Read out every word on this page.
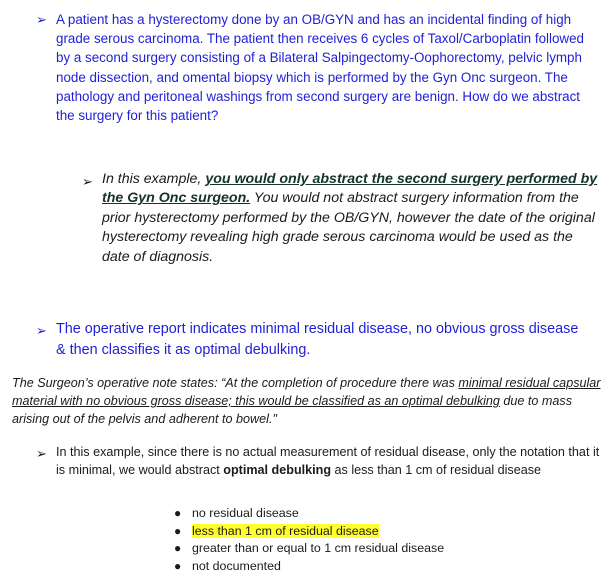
➢ A patient has a hysterectomy done by an OB/GYN and has an incidental finding of high grade serous carcinoma. The patient then receives 6 cycles of Taxol/Carboplatin followed by a second surgery consisting of a Bilateral Salpingectomy-Oophorectomy, pelvic lymph node dissection, and omental biopsy which is performed by the Gyn Onc surgeon. The pathology and peritoneal washings from second surgery are benign. How do we abstract the surgery for this patient?
➢ In this example, you would only abstract the second surgery performed by the Gyn Onc surgeon. You would not abstract surgery information from the prior hysterectomy performed by the OB/GYN, however the date of the original hysterectomy revealing high grade serous carcinoma would be used as the date of diagnosis.
➢ The operative report indicates minimal residual disease, no obvious gross disease & then classifies it as optimal debulking.
The Surgeon’s operative note states: “At the completion of procedure there was minimal residual capsular material with no obvious gross disease; this would be classified as an optimal debulking due to mass arising out of the pelvis and adherent to bowel."
➢ In this example, since there is no actual measurement of residual disease, only the notation that it is minimal, we would abstract optimal debulking as less than 1 cm of residual disease
● no residual disease
● less than 1 cm of residual disease
● greater than or equal to 1 cm residual disease
● not documented
